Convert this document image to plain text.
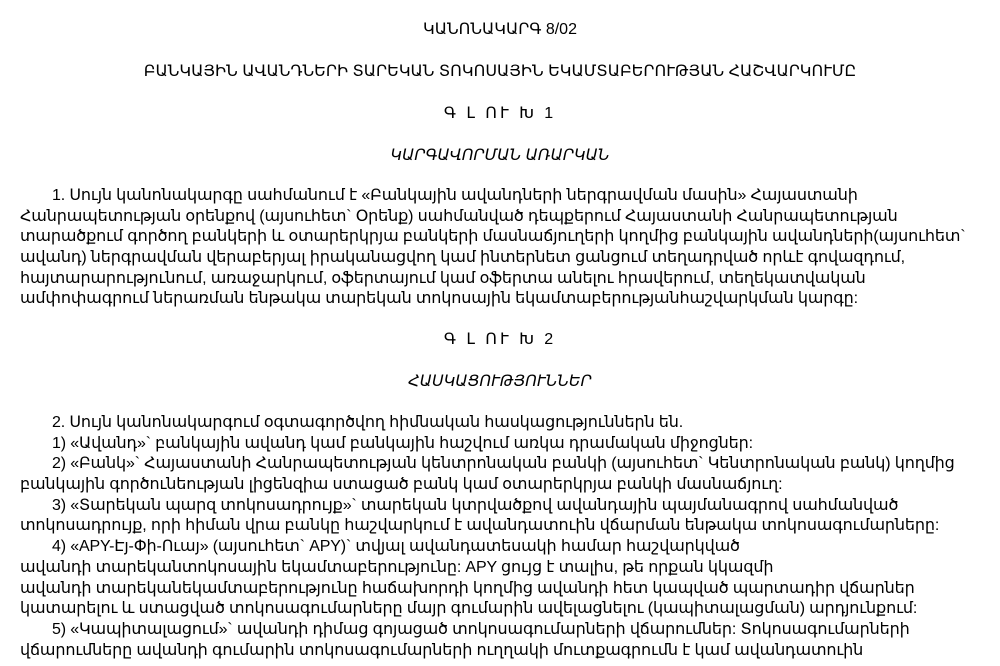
ԿԱՆՈՆԱԿԱՐԳ 8/02
ԲԱՆԿԱՅԻՆ ԱՎԱՆԴՆԵՐԻ ՏԱՐԵԿԱՆ ՏՈԿՈՍԱՅԻՆ ԵԿԱՄՏԱԲԵՐՈՒԹՅԱՆ ՀԱՇՎԱՐԿՈՒՄԸ
Գ Լ ՈՒ Խ 1
ԿԱՐԳԱՎՈՐՄԱՆ ԱՌԱՐԿԱՆ
1. Սույն կանոնակարգը սահմանում է «Բանկային ավանդների ներգրավման մասին» Հայաստանի
Հանրապետության օրենքով (այսուհետ` Օրենք) սահմանված դեպքերում Հայաստանի Հանրապետության
տարածքում գործող բանկերի և օտարերկրյա բանկերի մասնաճյուղերի կողմից բանկային ավանդների(այսուհետ`
ավանդ) ներգրավման վերաբերյալ իրականացվող կամ ինտերնետ ցանցում տեղադրված որևէ գովազդում,
հայտարարությունում, առաջարկում, օֆերտայում կամ օֆերտա անելու հրավերում, տեղեկատվական
ամփոփագրում ներառման ենթակա տարեկան տոկոսային եկամտաբերությանհաշվարկման կարգը:
Գ Լ ՈՒ Խ 2
ՀԱՍԿԱՑՈՒԹՅՈՒՆՆԵՐ
2. Սույն կանոնակարգում օգտագործվող հիմնական հասկացություններն են.
1) «Ավանդ»` բանկային ավանդ կամ բանկային հաշվում առկա դրամական միջոցներ:
2) «Բանկ»` Հայաստանի Հանրապետության կենտրոնական բանկի (այսուհետ` Կենտրոնական բանկ) կողմից
բանկային գործունեության լիցենզիա ստացած բանկ կամ օտարերկրյա բանկի մասնաճյուղ:
3) «Տարեկան պարզ տոկոսադրույք»` տարեկան կտրվածքով ավանդային պայմանագրով սահմանված
տոկոսադրույք, որի հիման վրա բանկը հաշվարկում է ավանդատուին վճարման ենթակա տոկոսագումարները:
4) «APY-Էյ-Փի-Ուայ» (այսուհետ` APY)` տվյալ ավանդատեսակի համար հաշվարկված
ավանդի տարեկանտոկոսային եկամտաբերությունը: APY ցույց է տալիս, թե որքան կկազմի
ավանդի տարեկանեկամտաբերությունը հաճախորդի կողմից ավանդի հետ կապված պարտադիր վճարներ
կատարելու և ստացված տոկոսագումարները մայր գումարին ավելացնելու (կապիտալացման) արդյունքում:
5) «Կապիտալացում»` ավանդի դիմաց գոյացած տոկոսագումարների վճարումներ: Տոկոսագումարների
վճարումները ավանդի գումարին տոկոսագումարների ուղղակի մուտքագրումն է կամ ավանդատուին
